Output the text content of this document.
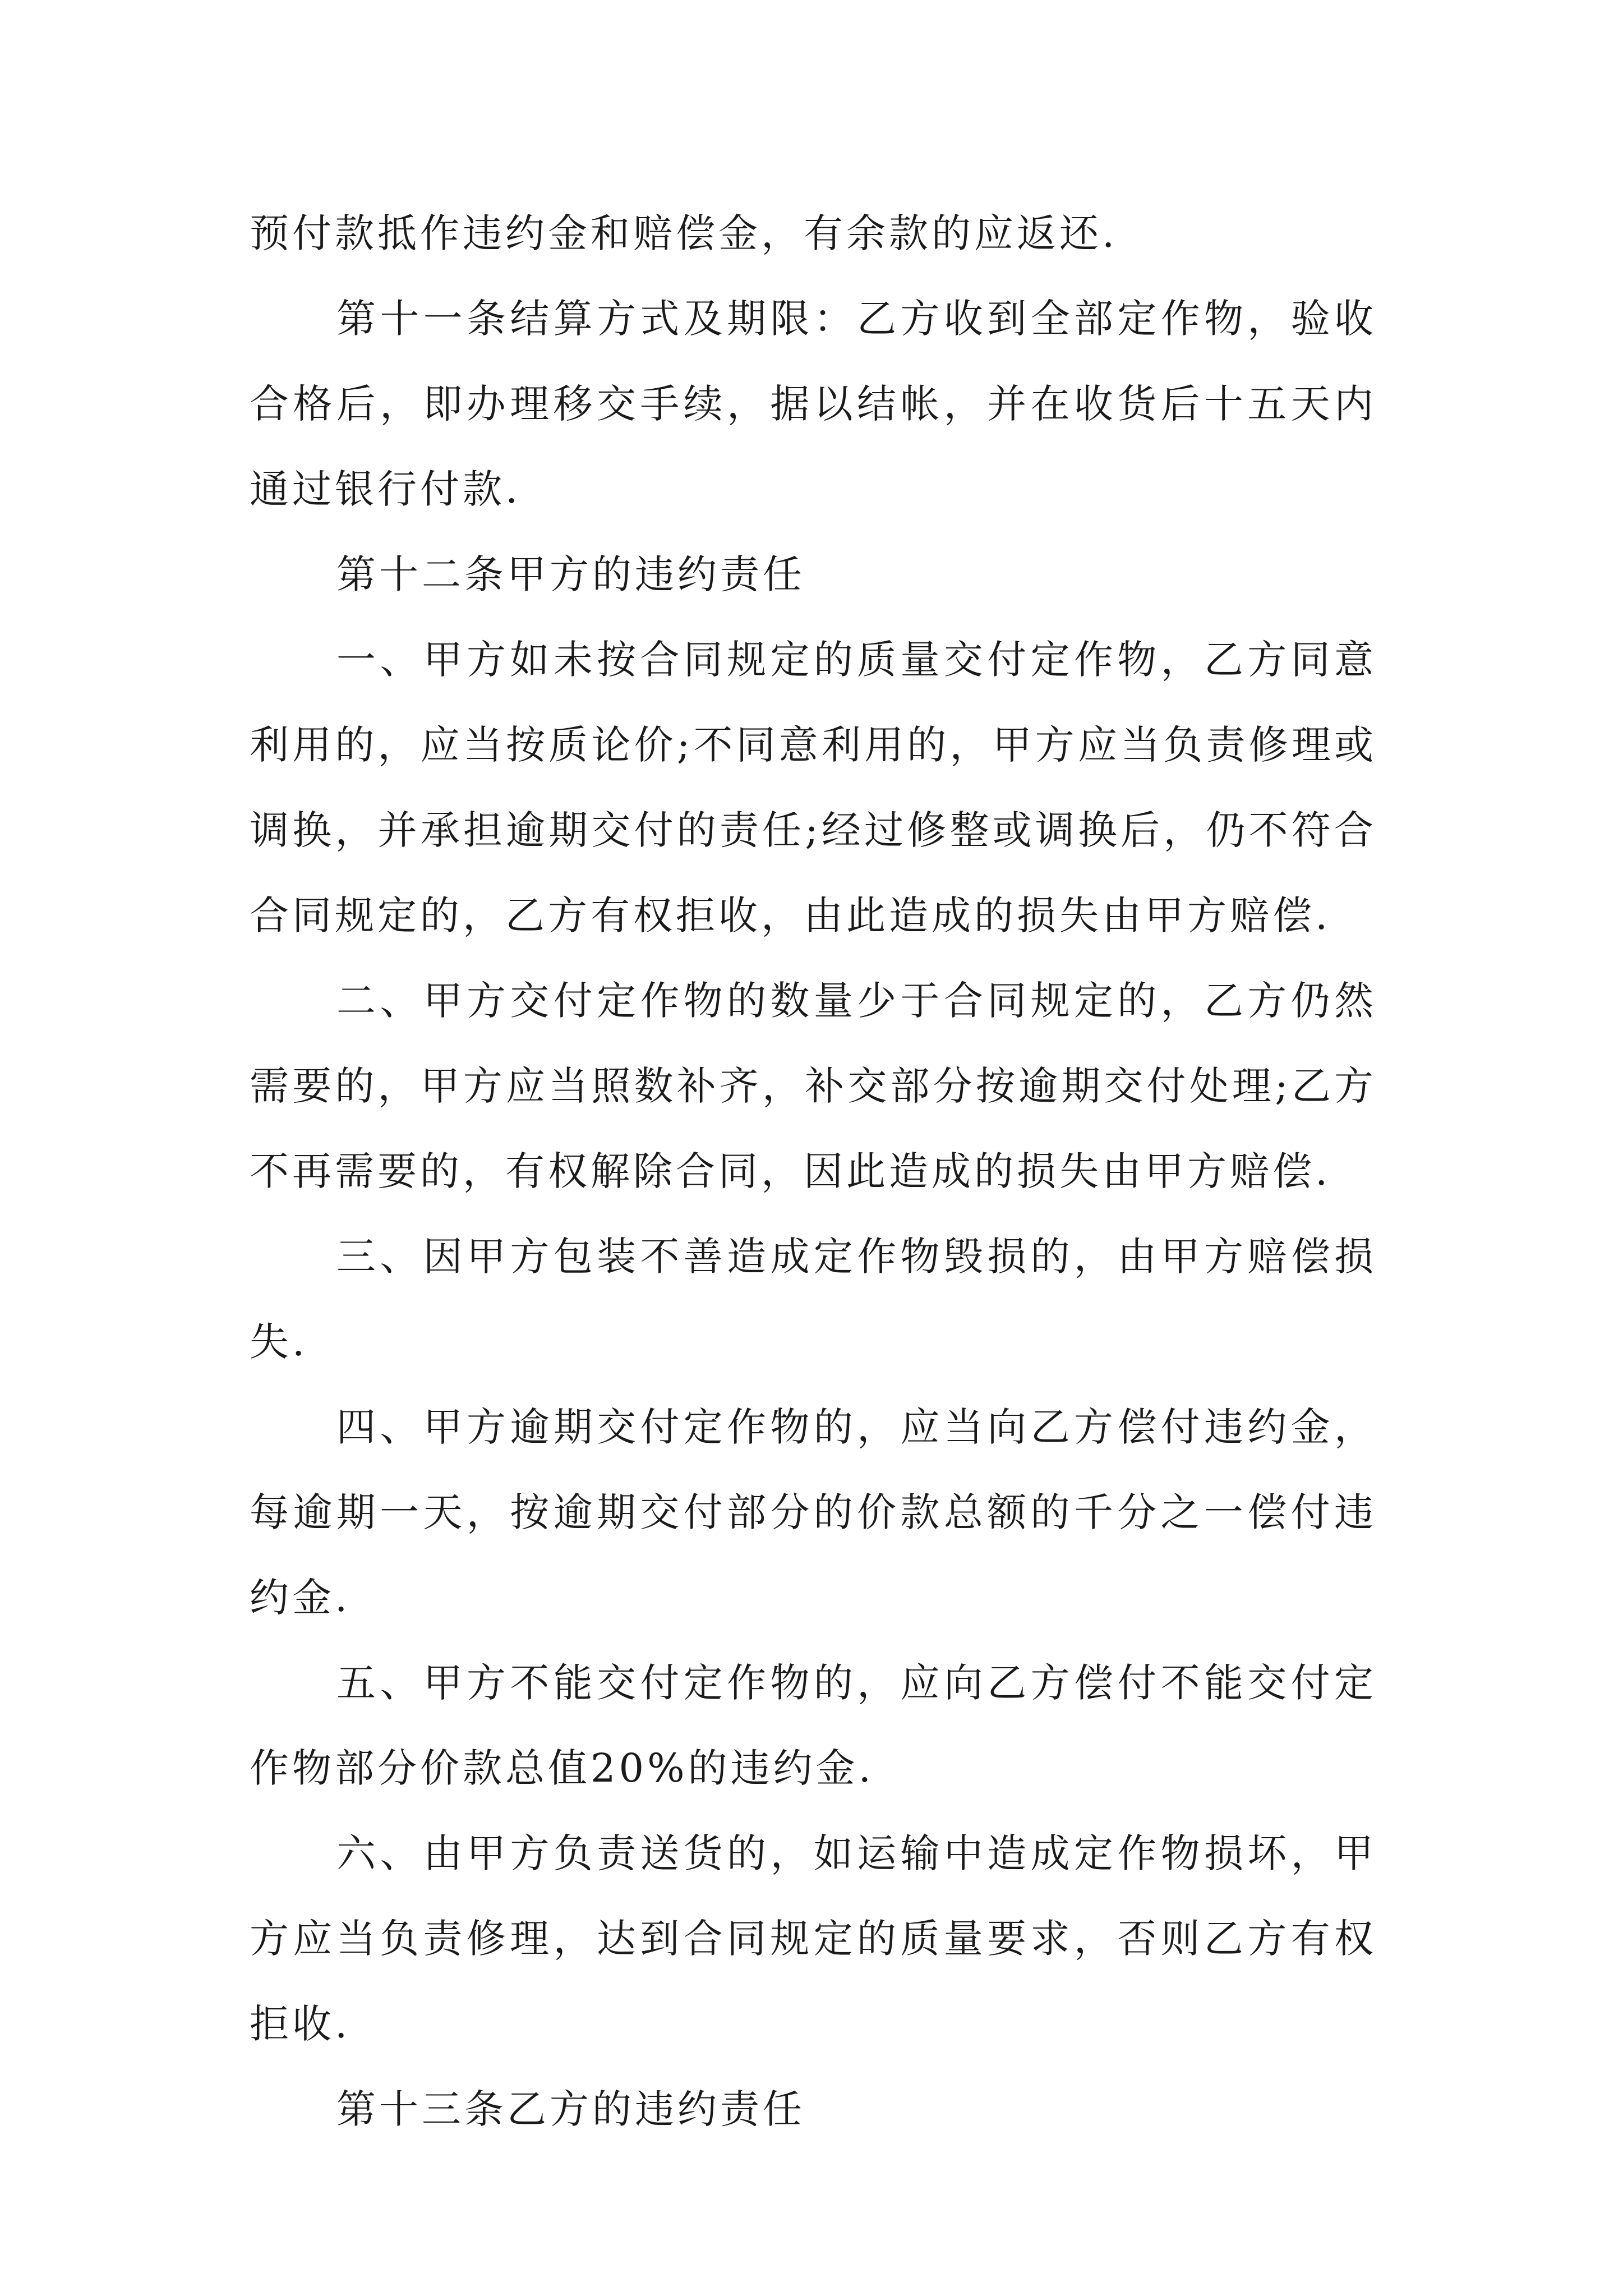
预付款抵作违约金和赔偿金，有余款的应返还.

第十一条结算方式及期限：乙方收到全部定作物，验收合格后，即办理移交手续，据以结帐，并在收货后十五天内通过银行付款.

第十二条甲方的违约责任

一、甲方如未按合同规定的质量交付定作物，乙方同意利用的，应当按质论价;不同意利用的，甲方应当负责修理或调换，并承担逾期交付的责任;经过修整或调换后，仍不符合合同规定的，乙方有权拒收，由此造成的损失由甲方赔偿.

二、甲方交付定作物的数量少于合同规定的，乙方仍然需要的，甲方应当照数补齐，补交部分按逾期交付处理;乙方不再需要的，有权解除合同，因此造成的损失由甲方赔偿.

三、因甲方包装不善造成定作物毁损的，由甲方赔偿损失.

四、甲方逾期交付定作物的，应当向乙方偿付违约金，每逾期一天，按逾期交付部分的价款总额的千分之一偿付违约金.

五、甲方不能交付定作物的，应向乙方偿付不能交付定作物部分价款总值20%的违约金.

六、由甲方负责送货的，如运输中造成定作物损坏，甲方应当负责修理，达到合同规定的质量要求，否则乙方有权拒收.

第十三条乙方的违约责任
